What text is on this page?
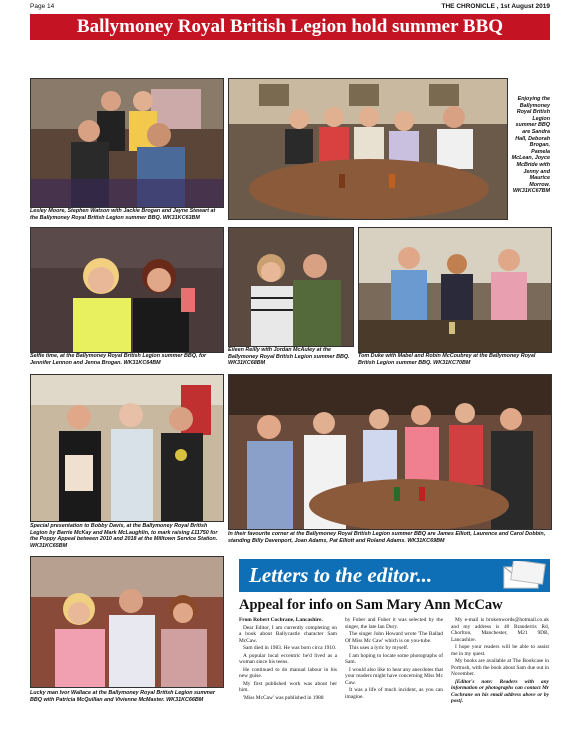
Page 14	THE CHRONICLE , 1st August 2019
Ballymoney Royal British Legion hold summer BBQ
Lesley Moore, Stephen Watson with Jackie Brogan and Jayne Stewart at the Ballymoney Royal British Legion summer BBQ. WK31KC63BM
Enjoying the Ballymoney Royal British Legion summer BBQ are Sandra Hall, Deborah Brogan, Pamela McLean, Joyce McBride with Jenny and Maurice Morrow. WK31KC67BM
Selfie time, at the Ballymoney Royal British Legion summer BBQ, for Jennifer Lennon and Jenna Brogan. WK31KC64BM
Eileen Reilly with Jordan McAuley at the Ballymoney Royal British Legion summer BBQ. WK31KC68BM
Tom Duke with Mabel and Robin McCoubrey at the Ballymoney Royal British Legion summer BBQ. WK31KC70BM
Special presentation to Bobby Davis, at the Ballymoney Royal British Legion by Barrie McKay and Mark McLaughlin, to mark raising £11750 for the Poppy Appeal between 2010 and 2018 at the Milltown Service Station. WK31KC65BM
In their favourite corner at the Ballymoney Royal British Legion summer BBQ are James Elliott, Laurence and Carol Dobbin, standing Billy Davenport, Joan Adams, Pat Elliott and Roland Adams. WK31KC69BM
Lucky man Ivor Wallace at the Ballymoney Royal British Legion summer BBQ with Patricia McQuillan and Vivienne McMaster. WK31KC66BM
Letters to the editor...
Appeal for info on Sam Mary Ann McCaw

From Robert Cochrane, Lancashire.

Dear Editor, I am currently completing on a book about Ballycastle character Sam McCaw.

Sam died in 1983. He was born circa 1910.

A popular local eccentric he'd lived as a woman since his teens.

He continued to do manual labour in his new guise.

My first published work was about her him.

'Miss McCaw' was published in 1988

by Fuber and Fuber it was selected by the singer, the late Ian Dury.

The singer John Howard wrote 'The Ballad Of Miss Mc Caw' which is on you-tube.

This uses a lyric by myself.

I am hoping to locate some photographs of Sam.

I would also like to hear any anecdotes that your readers might have concerning Miss Mc Caw.

It was a life of much incident, as you can imagine.

My e-mail is brokenwords@hotmail.co.uk and my address is 40 Branderris Rd, Chorlton, Manchester, M21 9DB, Lancashire.

I hope your readers will be able to assist me in my quest.

My books are available at The Bookcase in Portrush, with the book about Sam due out in November.

[Editor's note: Readers with any information or photographs can contact Mr Cochrane on his email address above or by post].
